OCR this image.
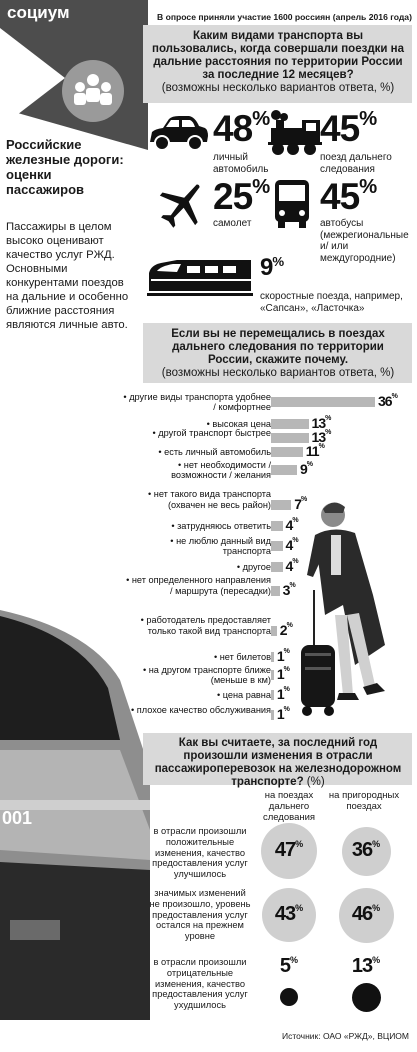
социум	В опросе приняли участие 1600 россиян (апрель 2016 года)
Российские железные дороги: оценки пассажиров
Пассажиры в целом высоко оценивают качество услуг РЖД. Основными конкурентами поездов на дальние и особенно ближние расстояния являются личные авто.
Каким видами транспорта вы пользовались, когда совершали поездки на дальние расстояния по территории России за последние 12 месяцев?
(возможны несколько вариантов ответа, %)
48%
личный автомобиль
45%
поезд дальнего следования
25%
самолет
45%
автобусы (межрегиональные и/ или междугородние)
9%
скоростные поезда, например, «Сапсан», «Ласточка»
001
Если вы не перемещались в поездах дальнего следования по территории России, скажите почему.
(возможны несколько вариантов ответа, %)
• другие виды транспорта удобнее / комфортнее	36%
• высокая цена	13%
• другой транспорт быстрее	13%
• есть личный автомобиль 11%
• нет необходимости / возможности / желания 9%
• нет такого вида транспорта (охвачен не весь район) 7%
• затрудняюсь ответить 4%
• не люблю данный вид транспорта 4%
• другое 4%
• нет определенного направления / маршрута (пересадки) 3%
• работодатель предоставляет только такой вид транспорта 2%
• нет билетов 1%
• на другом транспорте ближе (меньше в км) 1%
• цена равна 1%
• плохое качество обслуживания 1%
Как вы считаете, за последний год произошли изменения в отрасли пассажироперевозок на железнодорожном транспорте? (%)
на поездах дальнего следования
на пригородных поездах
в отрасли произошли положительные изменения, качество предоставления услуг улучшилось
47%	36%
значимых изменений не произошло, уровень предоставления услуг остался на прежнем уровне
43%	46%
в отрасли произошли отрицательные изменения, качество предоставления услуг ухудшилось
5%	13%
Источник: ОАО «РЖД», ВЦИОМ
